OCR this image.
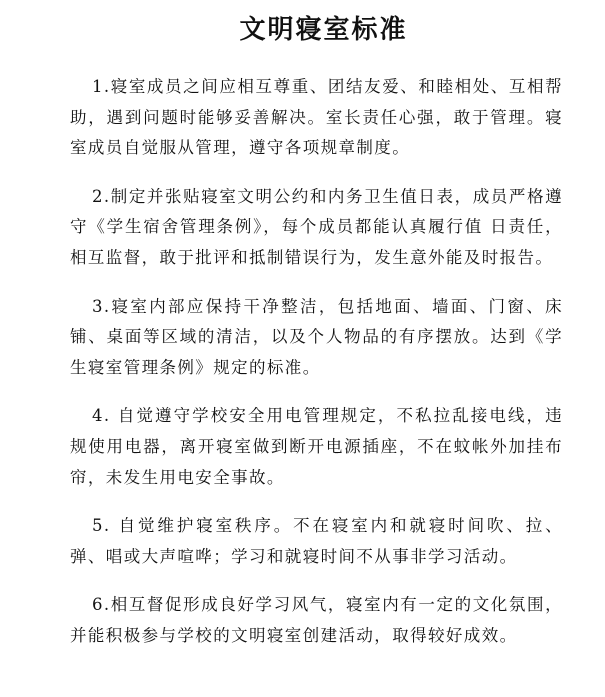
文明寝室标准

1.寝室成员之间应相互尊重、团结友爱、和睦相处、互相帮助，遇到问题时能够妥善解决。室长责任心强，敢于管理。寝室成员自觉服从管理，遵守各项规章制度。

2.制定并张贴寝室文明公约和内务卫生值日表，成员严格遵守《学生宿舍管理条例》，每个成员都能认真履行值 日责任，相互监督，敢于批评和抵制错误行为，发生意外能及时报告。

3.寝室内部应保持干净整洁，包括地面、墙面、门窗、床铺、桌面等区域的清洁，以及个人物品的有序摆放。达到《学生寝室管理条例》规定的标准。

4. 自觉遵守学校安全用电管理规定，不私拉乱接电线，违规使用电器，离开寝室做到断开电源插座，不在蚊帐外加挂布帘，未发生用电安全事故。

5. 自觉维护寝室秩序。不在寝室内和就寝时间吹、拉、弹、唱或大声喧哗；学习和就寝时间不从事非学习活动。

6.相互督促形成良好学习风气，寝室内有一定的文化氛围，并能积极参与学校的文明寝室创建活动，取得较好成效。
